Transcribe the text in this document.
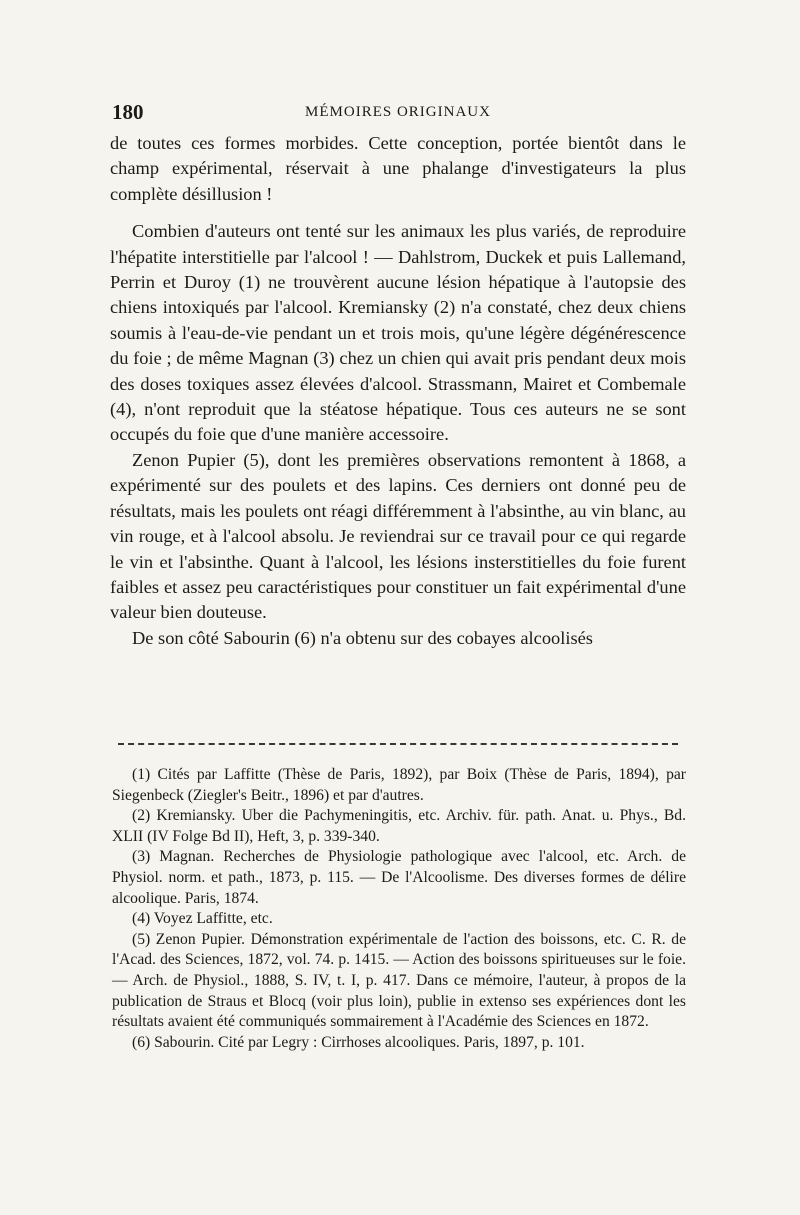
180	MÉMOIRES ORIGINAUX

de toutes ces formes morbides. Cette conception, portée bientôt dans le champ expérimental, réservait à une phalange d'investigateurs la plus complète désillusion !

Combien d'auteurs ont tenté sur les animaux les plus variés, de reproduire l'hépatite interstitielle par l'alcool ! — Dahlstrom, Duckek et puis Lallemand, Perrin et Duroy (1) ne trouvèrent aucune lésion hépatique à l'autopsie des chiens intoxiqués par l'alcool. Kremiansky (2) n'a constaté, chez deux chiens soumis à l'eau-de-vie pendant un et trois mois, qu'une légère dégénérescence du foie ; de même Magnan (3) chez un chien qui avait pris pendant deux mois des doses toxiques assez élevées d'alcool. Strassmann, Mairet et Combemale (4), n'ont reproduit que la stéatose hépatique. Tous ces auteurs ne se sont occupés du foie que d'une manière accessoire.

Zenon Pupier (5), dont les premières observations remontent à 1868, a expérimenté sur des poulets et des lapins. Ces derniers ont donné peu de résultats, mais les poulets ont réagi différemment à l'absinthe, au vin blanc, au vin rouge, et à l'alcool absolu. Je reviendrai sur ce travail pour ce qui regarde le vin et l'absinthe. Quant à l'alcool, les lésions insterstitielles du foie furent faibles et assez peu caractéristiques pour constituer un fait expérimental d'une valeur bien douteuse.

De son côté Sabourin (6) n'a obtenu sur des cobayes alcoolisés

(1) Cités par Laffitte (Thèse de Paris, 1892), par Boix (Thèse de Paris, 1894), par Siegenbeck (Ziegler's Beitr., 1896) et par d'autres.

(2) Kremiansky. Uber die Pachymeningitis, etc. Archiv. für. path. Anat. u. Phys., Bd. XLII (IV Folge Bd II), Heft, 3, p. 339-340.

(3) Magnan. Recherches de Physiologie pathologique avec l'alcool, etc. Arch. de Physiol. norm. et path., 1873, p. 115. — De l'Alcoolisme. Des diverses formes de délire alcoolique. Paris, 1874.

(4) Voyez Laffitte, etc.

(5) Zenon Pupier. Démonstration expérimentale de l'action des boissons, etc. C. R. de l'Acad. des Sciences, 1872, vol. 74. p. 1415. — Action des boissons spiritueuses sur le foie. — Arch. de Physiol., 1888, S. IV, t. I, p. 417. Dans ce mémoire, l'auteur, à propos de la publication de Straus et Blocq (voir plus loin), publie in extenso ses expériences dont les résultats avaient été communiqués sommairement à l'Académie des Sciences en 1872.

(6) Sabourin. Cité par Legry : Cirrhoses alcooliques. Paris, 1897, p. 101.
